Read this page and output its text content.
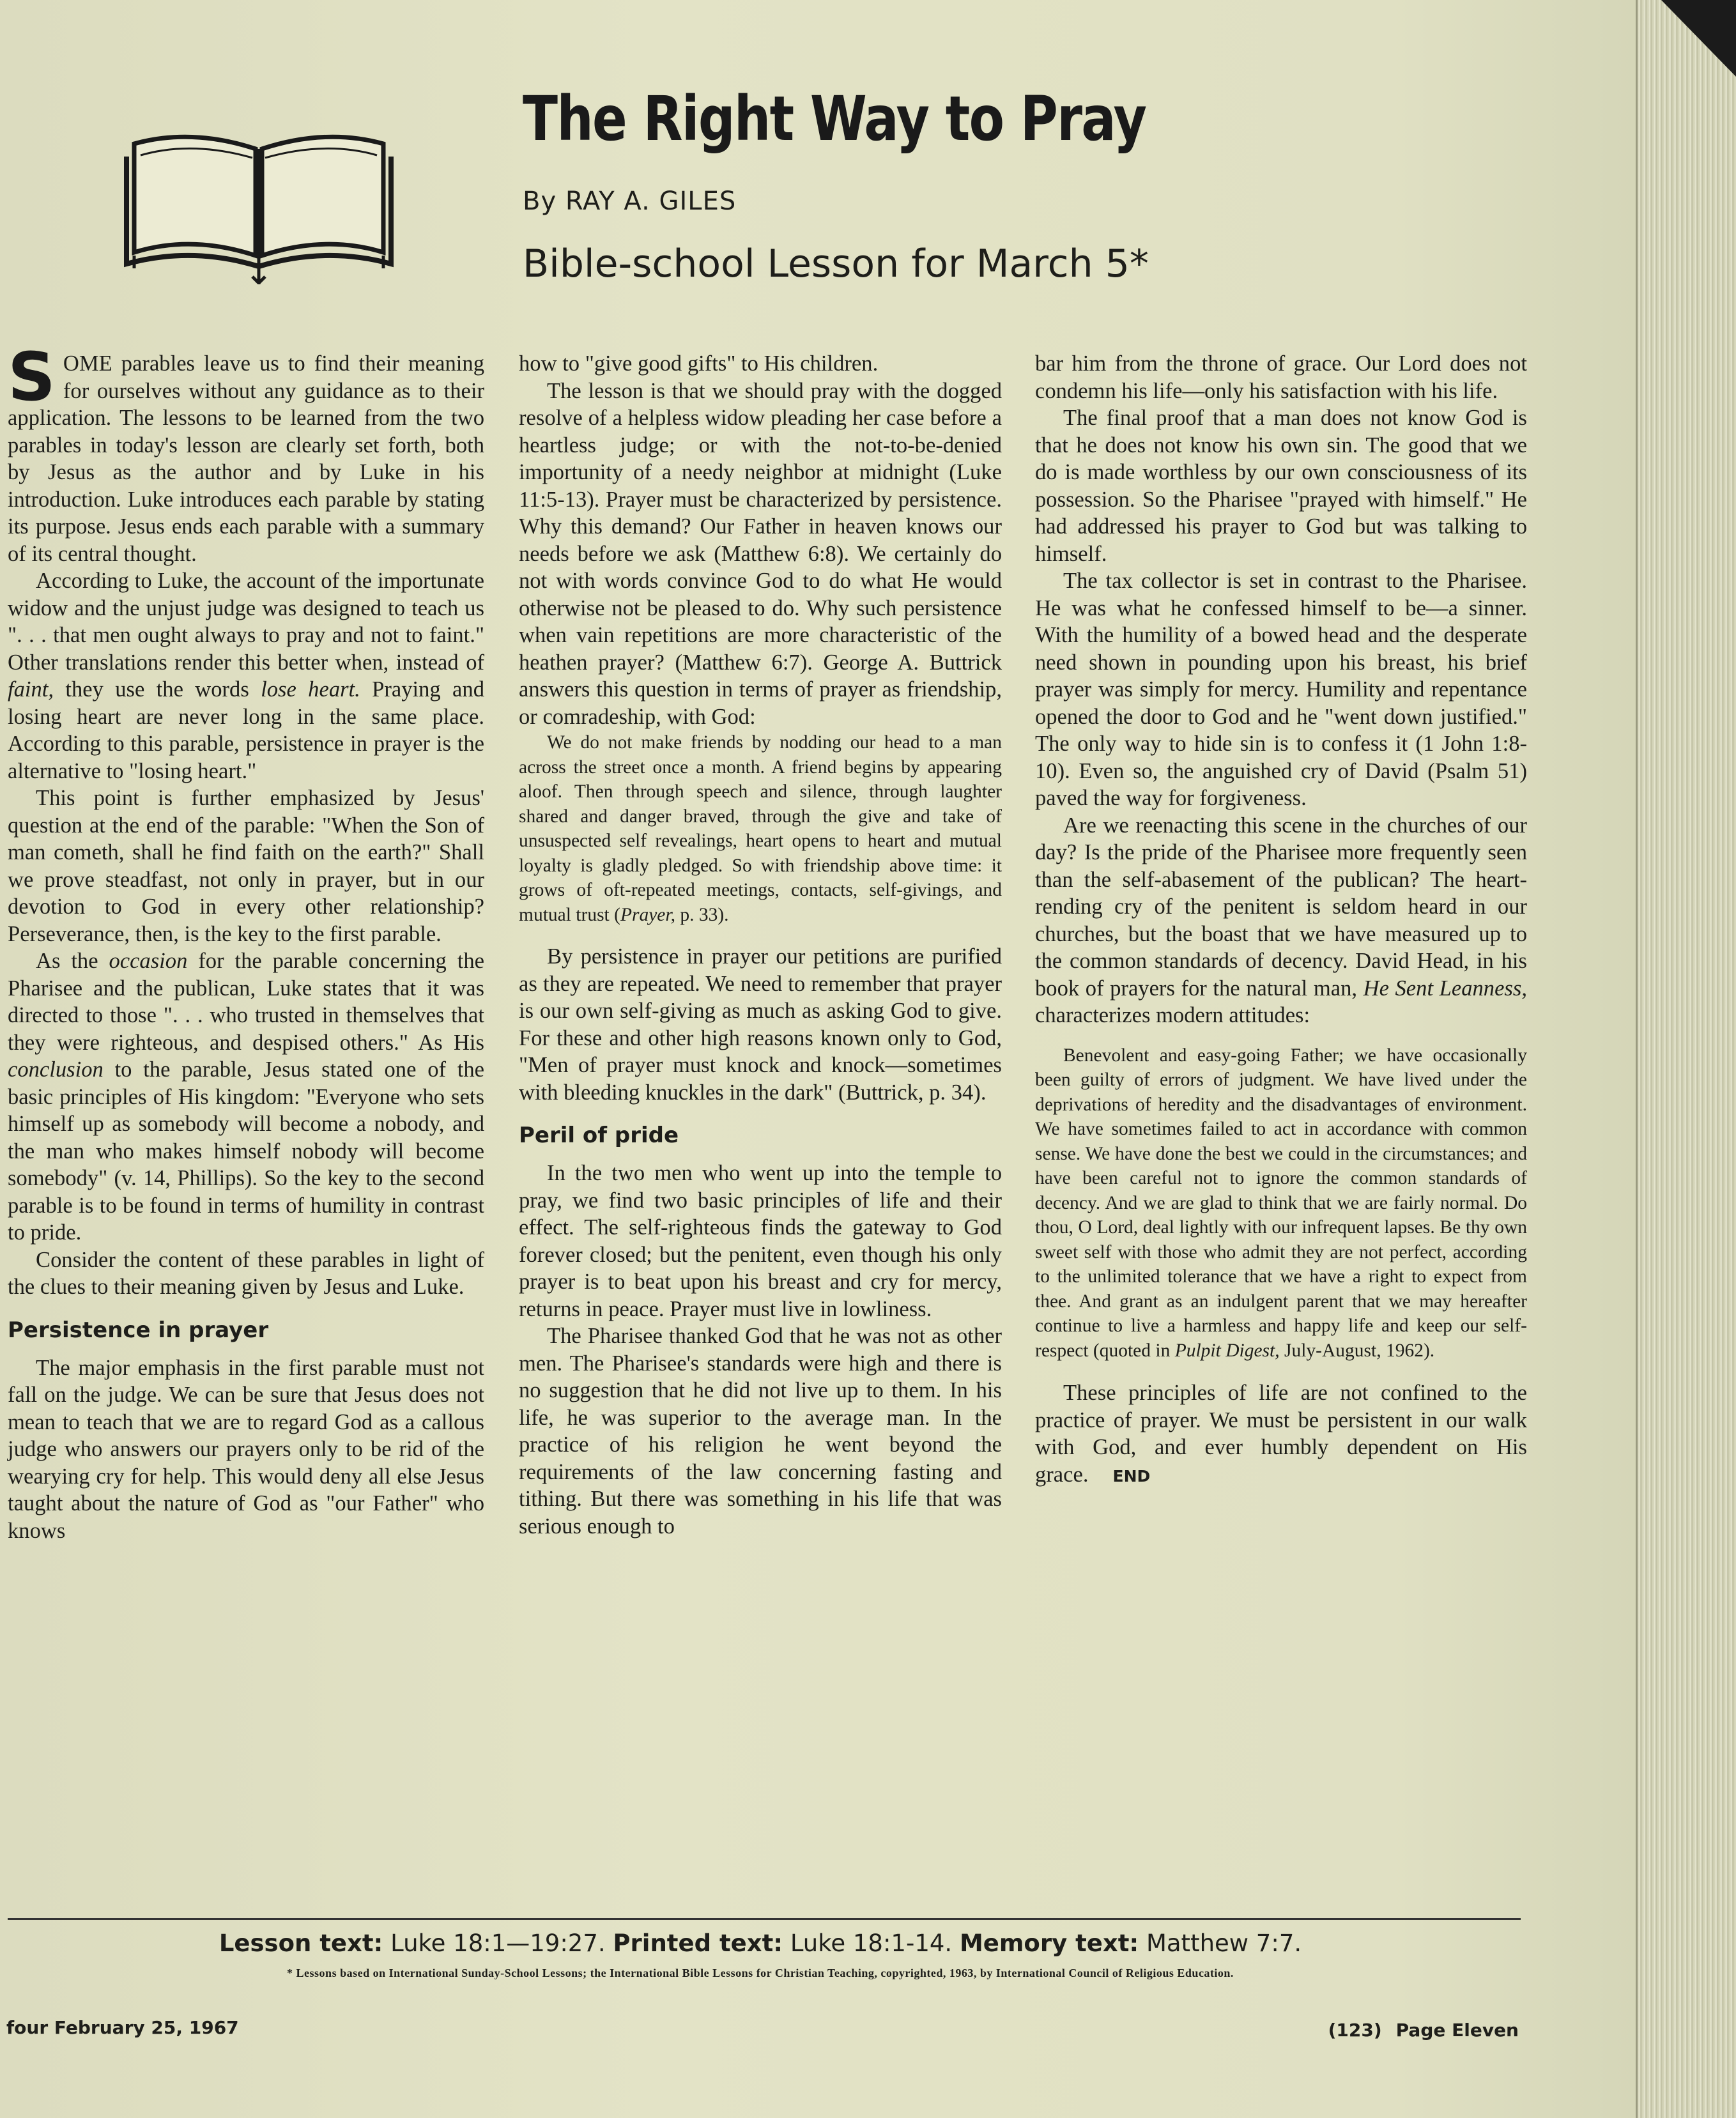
The Right Way to Pray
By RAY A. GILES
Bible-school Lesson for March 5*

SOME parables leave us to find their meaning for ourselves without any guidance as to their application. The lessons to be learned from the two parables in today's lesson are clearly set forth, both by Jesus as the author and by Luke in his introduction. Luke introduces each parable by stating its purpose. Jesus ends each parable with a summary of its central thought.

According to Luke, the account of the importunate widow and the unjust judge was designed to teach us ". . . that men ought always to pray and not to faint." Other translations render this better when, instead of faint, they use the words lose heart. Praying and losing heart are never long in the same place. According to this parable, persistence in prayer is the alternative to "losing heart."

This point is further emphasized by Jesus' question at the end of the parable: "When the Son of man cometh, shall he find faith on the earth?" Shall we prove steadfast, not only in prayer, but in our devotion to God in every other relationship? Perseverance, then, is the key to the first parable.

As the occasion for the parable concerning the Pharisee and the publican, Luke states that it was directed to those ". . . who trusted in themselves that they were righteous, and despised others." As His conclusion to the parable, Jesus stated one of the basic principles of His kingdom: "Everyone who sets himself up as somebody will become a nobody, and the man who makes himself nobody will become somebody" (v. 14, Phillips). So the key to the second parable is to be found in terms of humility in contrast to pride.

Consider the content of these parables in light of the clues to their meaning given by Jesus and Luke.

Persistence in prayer

The major emphasis in the first parable must not fall on the judge. We can be sure that Jesus does not mean to teach that we are to regard God as a callous judge who answers our prayers only to be rid of the wearying cry for help. This would deny all else Jesus taught about the nature of God as "our Father" who knows

how to "give good gifts" to His children.

The lesson is that we should pray with the dogged resolve of a helpless widow pleading her case before a heartless judge; or with the not-to-be-denied importunity of a needy neighbor at midnight (Luke 11:5-13). Prayer must be characterized by persistence. Why this demand? Our Father in heaven knows our needs before we ask (Matthew 6:8). We certainly do not with words convince God to do what He would otherwise not be pleased to do. Why such persistence when vain repetitions are more characteristic of the heathen prayer? (Matthew 6:7). George A. Buttrick answers this question in terms of prayer as friendship, or comradeship, with God:

We do not make friends by nodding our head to a man across the street once a month. A friend begins by appearing aloof. Then through speech and silence, through laughter shared and danger braved, through the give and take of unsuspected self revealings, heart opens to heart and mutual loyalty is gladly pledged. So with friendship above time: it grows of oft-repeated meetings, contacts, self-givings, and mutual trust (Prayer, p. 33).

By persistence in prayer our petitions are purified as they are repeated. We need to remember that prayer is our own self-giving as much as asking God to give. For these and other high reasons known only to God, "Men of prayer must knock and knock—sometimes with bleeding knuckles in the dark" (Buttrick, p. 34).

Peril of pride

In the two men who went up into the temple to pray, we find two basic principles of life and their effect. The self-righteous finds the gateway to God forever closed; but the penitent, even though his only prayer is to beat upon his breast and cry for mercy, returns in peace. Prayer must live in lowliness.

The Pharisee thanked God that he was not as other men. The Pharisee's standards were high and there is no suggestion that he did not live up to them. In his life, he was superior to the average man. In the practice of his religion he went beyond the requirements of the law concerning fasting and tithing. But there was something in his life that was serious enough to

bar him from the throne of grace. Our Lord does not condemn his life—only his satisfaction with his life.

The final proof that a man does not know God is that he does not know his own sin. The good that we do is made worthless by our own consciousness of its possession. So the Pharisee "prayed with himself." He had addressed his prayer to God but was talking to himself.

The tax collector is set in contrast to the Pharisee. He was what he confessed himself to be—a sinner. With the humility of a bowed head and the desperate need shown in pounding upon his breast, his brief prayer was simply for mercy. Humility and repentance opened the door to God and he "went down justified." The only way to hide sin is to confess it (1 John 1:8-10). Even so, the anguished cry of David (Psalm 51) paved the way for forgiveness.

Are we reenacting this scene in the churches of our day? Is the pride of the Pharisee more frequently seen than the self-abasement of the publican? The heart-rending cry of the penitent is seldom heard in our churches, but the boast that we have measured up to the common standards of decency. David Head, in his book of prayers for the natural man, He Sent Leanness, characterizes modern attitudes:

Benevolent and easy-going Father; we have occasionally been guilty of errors of judgment. We have lived under the deprivations of heredity and the disadvantages of environment. We have sometimes failed to act in accordance with common sense. We have done the best we could in the circumstances; and have been careful not to ignore the common standards of decency. And we are glad to think that we are fairly normal. Do thou, O Lord, deal lightly with our infrequent lapses. Be thy own sweet self with those who admit they are not perfect, according to the unlimited tolerance that we have a right to expect from thee. And grant as an indulgent parent that we may hereafter continue to live a harmless and happy life and keep our self-respect (quoted in Pulpit Digest, July-August, 1962).

These principles of life are not confined to the practice of prayer. We must be persistent in our walk with God, and ever humbly dependent on His grace. END

Lesson text: Luke 18:1—19:27. Printed text: Luke 18:1-14. Memory text: Matthew 7:7.
* Lessons based on International Sunday-School Lessons; the International Bible Lessons for Christian Teaching, copyrighted, 1963, by International Council of Religious Education.
four February 25, 1967	(123) Page Eleven
